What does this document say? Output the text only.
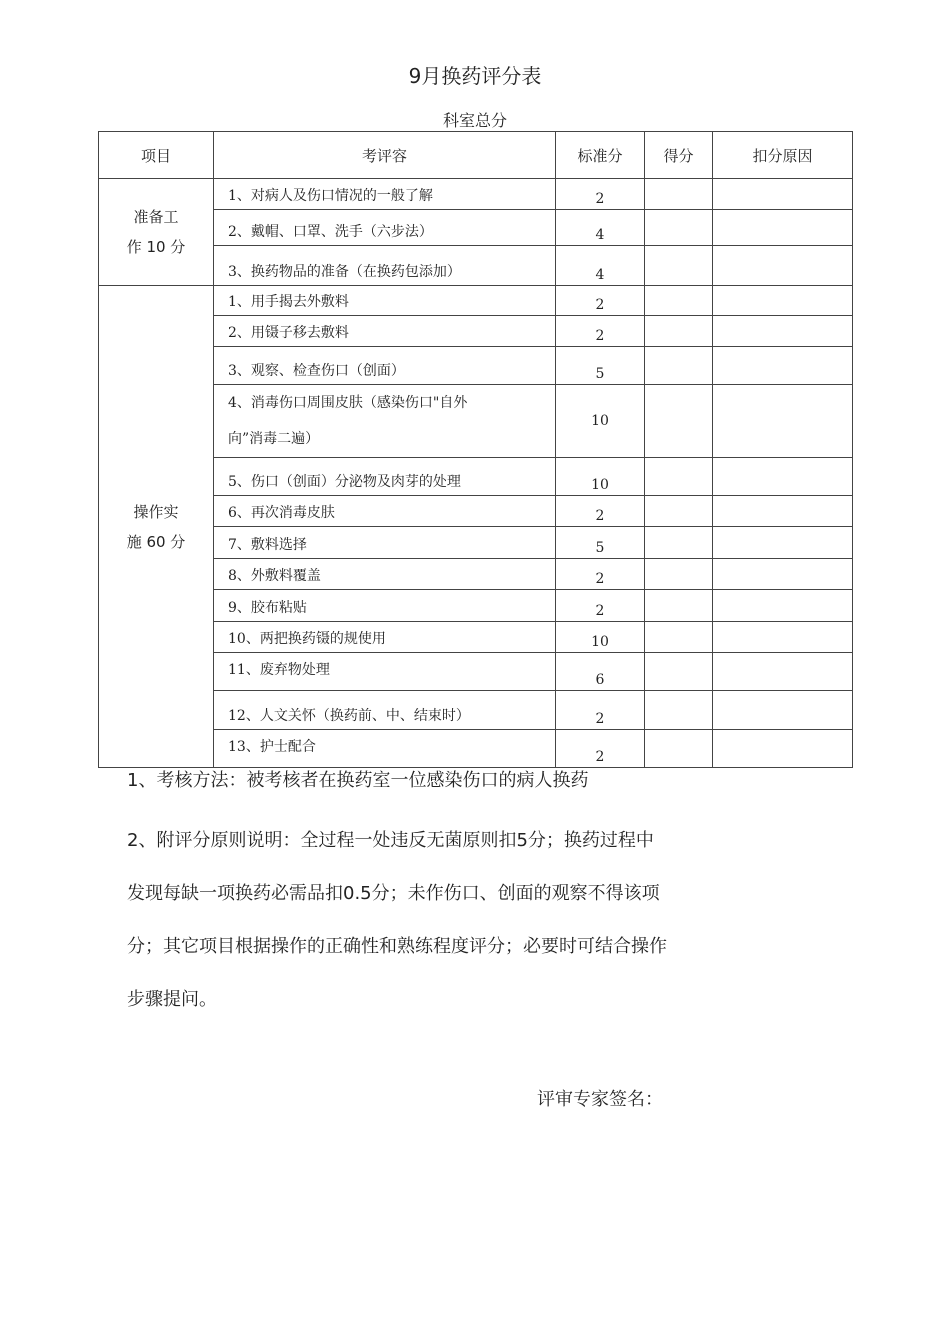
9月换药评分表
科室总分
项目	考评容	标准分	得分	扣分原因

准备工
作 10 分	1、对病人及伤口情况的一般了解	2		
	2、戴帽、口罩、洗手（六步法）	4		
	3、换药物品的准备（在换药包添加）	4		

操作实
施 60 分	1、用手揭去外敷料	2		
	2、用镊子移去敷料	2		
	3、观察、检查伤口（创面）	5		

	4、消毒伤口周围皮肤（感染伤口"自外
向”消毒二遍）	10		
	5、伤口（创面）分泌物及肉芽的处理	10		
	6、再次消毒皮肤	2		
	7、敷料选择	5		
	8、外敷料覆盖	2		
	9、胶布粘贴	2		
	10、两把换药镊的规使用	10		
	11、废弃物处理	6		
	12、人文关怀（换药前、中、结束时）	2		
	13、护士配合	2		

1、考核方法：被考核者在换药室一位感染伤口的病人换药

2、附评分原则说明：全过程一处违反无菌原则扣5分；换药过程中

发现每缺一项换药必需品扣0.5分；未作伤口、创面的观察不得该项

分；其它项目根据操作的正确性和熟练程度评分；必要时可结合操作

步骤提问。

评审专家签名：
